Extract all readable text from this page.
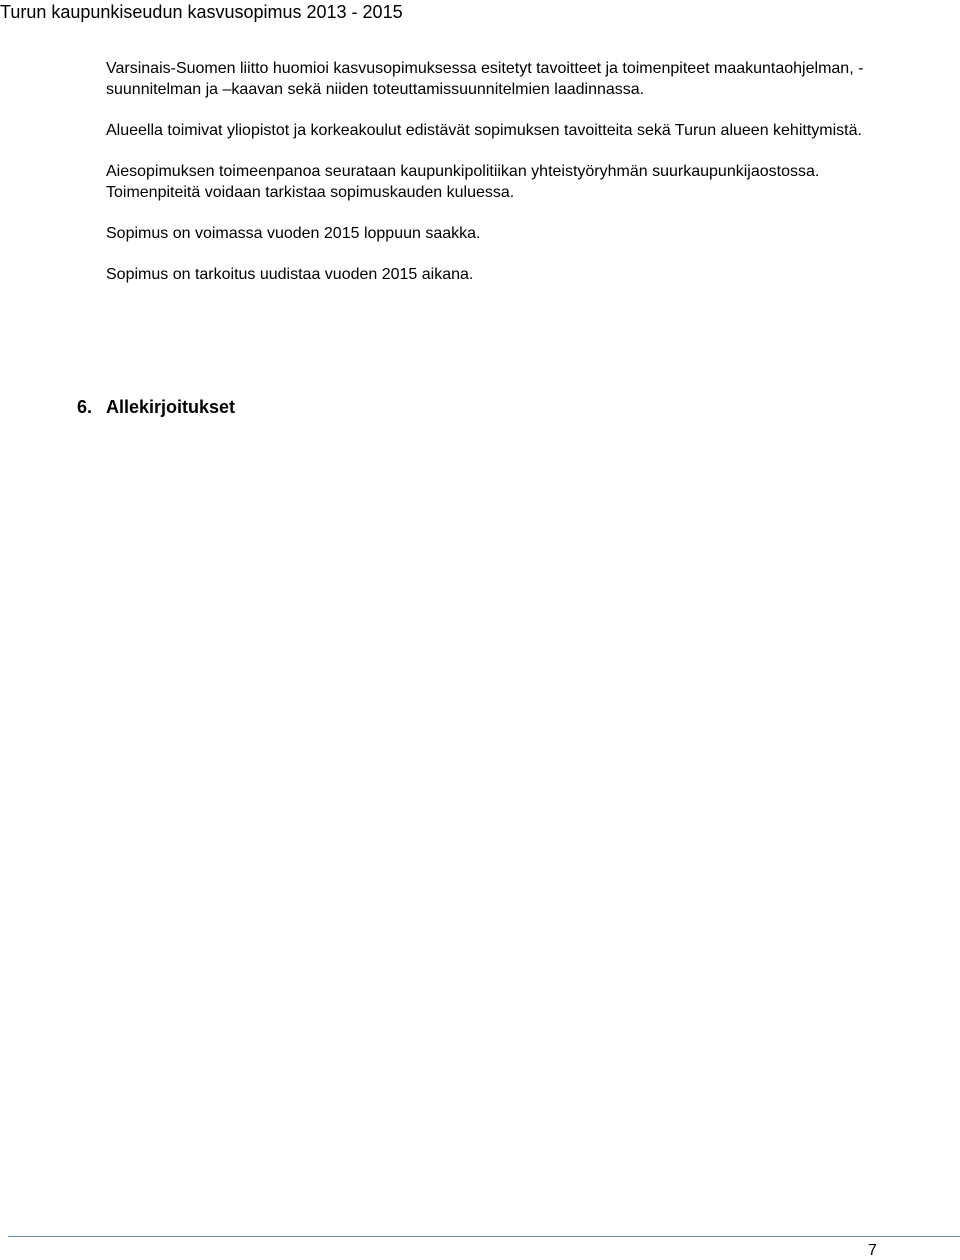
Turun kaupunkiseudun kasvusopimus 2013 - 2015

Varsinais-Suomen liitto huomioi kasvusopimuksessa esitetyt tavoitteet ja toimenpiteet maakuntaohjelman, -suunnitelman ja –kaavan sekä niiden toteuttamissuunnitelmien laadinnassa.

Alueella toimivat yliopistot ja korkeakoulut edistävät sopimuksen tavoitteita sekä Turun alueen kehittymistä.

Aiesopimuksen toimeenpanoa seurataan kaupunkipolitiikan yhteistyöryhmän suurkaupunkijaostossa. Toimenpiteitä voidaan tarkistaa sopimuskauden kuluessa.

Sopimus on voimassa vuoden 2015 loppuun saakka.

Sopimus on tarkoitus uudistaa vuoden 2015 aikana.

6. Allekirjoitukset
7
